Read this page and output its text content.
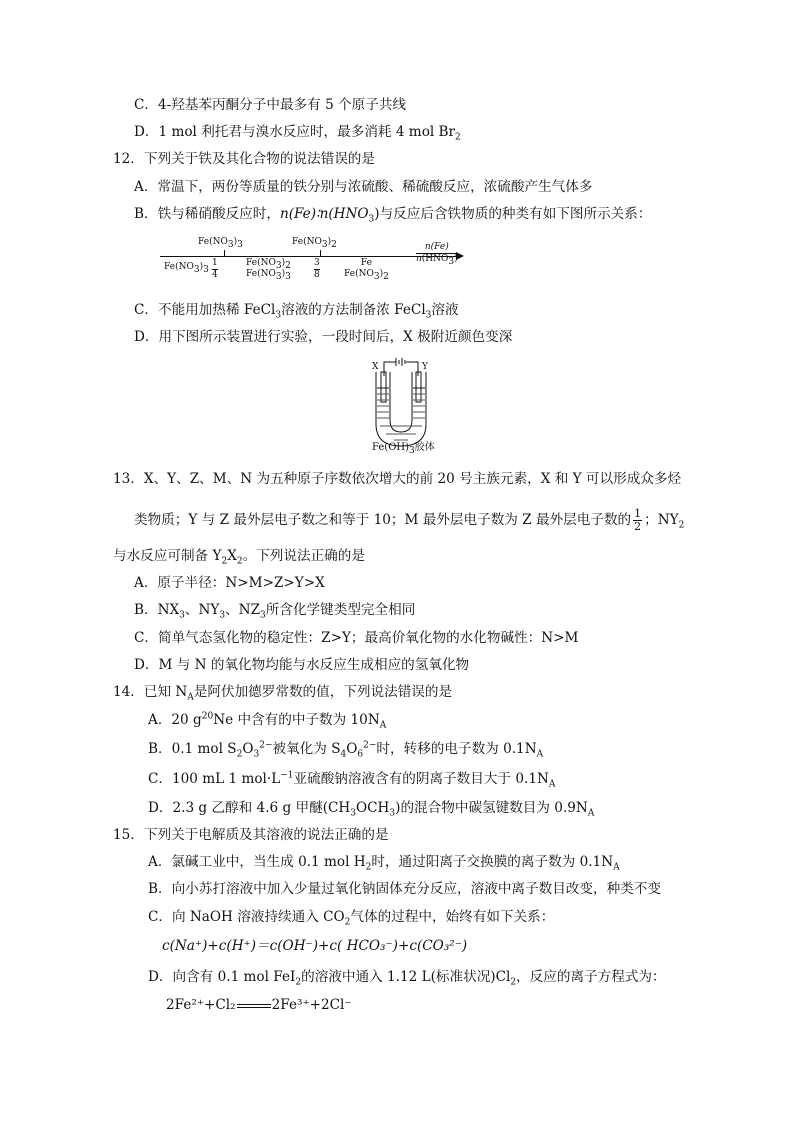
C．4-羟基苯丙酮分子中最多有 5 个原子共线
D．1 mol 利托君与溴水反应时，最多消耗 4 mol $Br_2$
12．下列关于铁及其化合物的说法错误的是
A．常温下，两份等质量的铁分别与浓硫酸、稀硫酸反应，浓硫酸产生气体多
B．铁与稀硝酸反应时，$n(Fe)∶n(HNO_3)$与反应后含铁物质的种类有如下图所示关系：
$Fe(NO_3)_3$	$Fe(NO_3)_2$
$Fe(NO_3)_3$
1
4
$Fe(NO_3)_2$
$Fe(NO_3)_3$
3
8
Fe
$Fe(NO_3)_2$
n(Fe)
$n(HNO_3)$
C．不能用加热稀 FeCl$_3$溶液的方法制备浓 FeCl$_3$溶液
D．用下图所示装置进行实验，一段时间后，X 极附近颜色变深
X	Y
$Fe(OH)_3$胶体
13．X、Y、Z、M、N 为五种原子序数依次增大的前 20 号主族元素，X 和 Y 可以形成众多烃
类物质；Y 与 Z 最外层电子数之和等于 10；M 最外层电子数为 Z 最外层电子数的 $\frac{1}{2}$ ；$NY_2$
与水反应可制备 $Y_2X_2$。下列说法正确的是
A．原子半径：N>M>Z>Y>X
B．$NX_3$、$NY_3$、$NZ_3$所含化学键类型完全相同
C．简单气态氢化物的稳定性：Z>Y；最高价氧化物的水化物碱性：N>M
D．M 与 N 的氧化物均能与水反应生成相应的氢氧化物
14．已知 $N_A$是阿伏加德罗常数的值，下列说法错误的是
A．20 $g^{20}Ne$ 中含有的中子数为 $10N_A$
B．0.1 mol $S_2O_3^{2-}$被氧化为 $S_4O_6^{2-}$时，转移的电子数为 $0.1N_A$
C．100 mL 1 $mol\cdot L^{-1}$亚硫酸钠溶液含有的阴离子数目大于 $0.1N_A$
D．2.3 g 乙醇和 4.6 g 甲醚$(CH_3OCH_3)$的混合物中碳氢键数目为 $0.9N_A$
15．下列关于电解质及其溶液的说法正确的是
A．氯碱工业中，当生成 0.1 mol $H_2$时，通过阳离子交换膜的离子数为 $0.1N_A$
B．向小苏打溶液中加入少量过氧化钠固体充分反应，溶液中离子数目改变，种类不变
C．向 NaOH 溶液持续通入 $CO_2$气体的过程中，始终有如下关系：
c(Na⁺)+c(H⁺)＝c(OH⁻)+c( HCO₃⁻)+c(CO₃²⁻)
D．向含有 0.1 mol FeI$_2$的溶液中通入 1.12 L(标准状况)$Cl_2$，反应的离子方程式为：
2Fe²⁺+Cl₂	2Fe³⁺+2Cl⁻
